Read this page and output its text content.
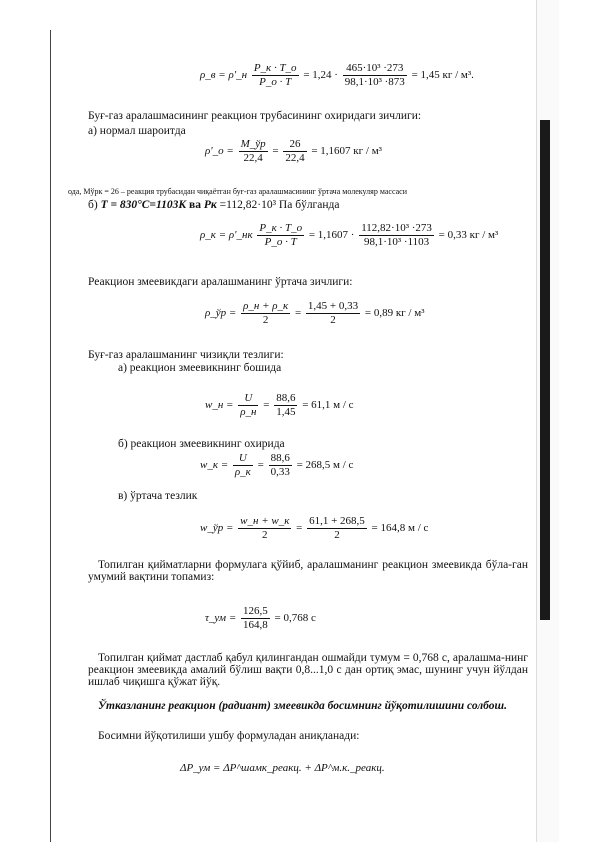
ρ_в = ρ'_н $\frac{P\_к \cdot T\_о}{P\_о \cdot T} = 1,24 \cdot \frac{\text{465·10³ ·273}}{\text{98,1·10³ ·873}} = 1,45$ кг / м³.
Буғ-газ аралашмасининг реакцион трубасининг охиридаги зичлиги:
а) нормал шароитда
ρ'_о = $\frac{M\_ўр}{22,4} = \frac{26}{22,4} = 1,1607$ кг / м³
ода, Mўрк = 26 – реакция трубасидан чиқаётган буғ-газ аралашмасининг ўртача молекуляр массаси
б) T = 830°С=1103К ва Pк =112,82·10³ Па бўлганда
ρ_к = ρ'_нк $\frac{P\_к \cdot T\_о}{P\_о \cdot T} = 1,1607 \cdot \frac{\text{112,82·10³ ·273}}{\text{98,1·10³ ·1103}} = 0,33$ кг / м³
Реакцион змеевикдаги аралашманинг ўртача зичлиги:
ρ_ўр = $\frac{\rho\_н + \rho\_к}{2} = \frac{1,45 + 0,33}{2} = 0,89$ кг / м³
Буғ-газ аралашманинг чизиқли тезлиги:
а) реакцион змеевикнинг бошида
w_н = $\frac{U}{\rho\_н} = \frac{88,6}{1,45} = 61,1$ м / с
б) реакцион змеевикнинг охирида
w_к = $\frac{U}{\rho\_к} = \frac{88,6}{0,33} = 268,5$ м / с
в) ўртача тезлик
w_ўр = $\frac{w\_н + w\_к}{2} = \frac{61,1 + 268,5}{2} = 164,8$ м / с
Топилган қийматларни формулага қўйиб, аралашманинг реакцион змеевикда бўла-ган умумий вақтини топамиз:
τ_ум = $\frac{126,5}{164,8} = 0,768$ с
Топилган қиймат дастлаб қабул қилингандан ошмайди τумум = 0,768 с, аралашма-нинг реакцион змеевикда амалий бўлиш вақти 0,8...1,0 с дан ортиқ эмас, шунинг учун йўлдан ишлаб чиқишга қўжат йўқ.
Ўтказланинг реакцион (радиант) змеевикда босимнинг йўқотилишини солбош.
Босимни йўқотилиши ушбу формуладан аниқланади:
ΔP_ум = ΔP^шамк_реакц. + ΔP^м.к._реакц.
